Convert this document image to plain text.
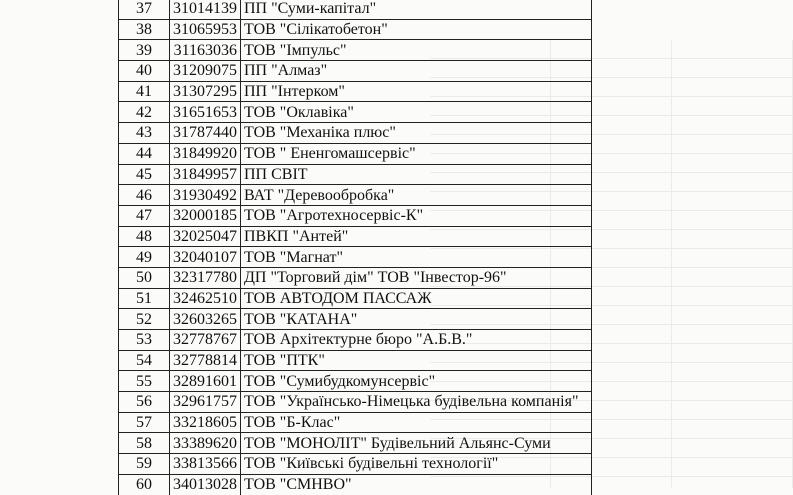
37	31014139	ПП "Суми-капітал"
38	31065953	ТОВ "Сілікатобетон"
39	31163036	ТОВ "Імпульс"
40	31209075	ПП "Алмаз"
41	31307295	ПП "Інтерком"
42	31651653	ТОВ "Оклавіка"
43	31787440	ТОВ "Механіка плюс"
44	31849920	ТОВ " Ененгомашсервіс"
45	31849957	ПП СВІТ
46	31930492	ВАТ "Деревообробка"
47	32000185	ТОВ "Агротехносервіс-К"
48	32025047	ПВКП "Антей"
49	32040107	ТОВ "Магнат"
50	32317780	ДП "Торговий дім" ТОВ "Інвестор-96"
51	32462510	ТОВ АВТОДОМ ПАССАЖ
52	32603265	ТОВ "КАТАНА"
53	32778767	ТОВ Архітектурне бюро "А.Б.В."
54	32778814	ТОВ "ПТК"
55	32891601	ТОВ "Сумибудкомунсервіс"
56	32961757	ТОВ "Українсько-Німецька будівельна компанія"
57	33218605	ТОВ "Б-Клас"
58	33389620	ТОВ "МОНОЛІТ" Будівельний Альянс-Суми
59	33813566	ТОВ "Київські будівельні технології"
60	34013028	ТОВ "СМНВО"
